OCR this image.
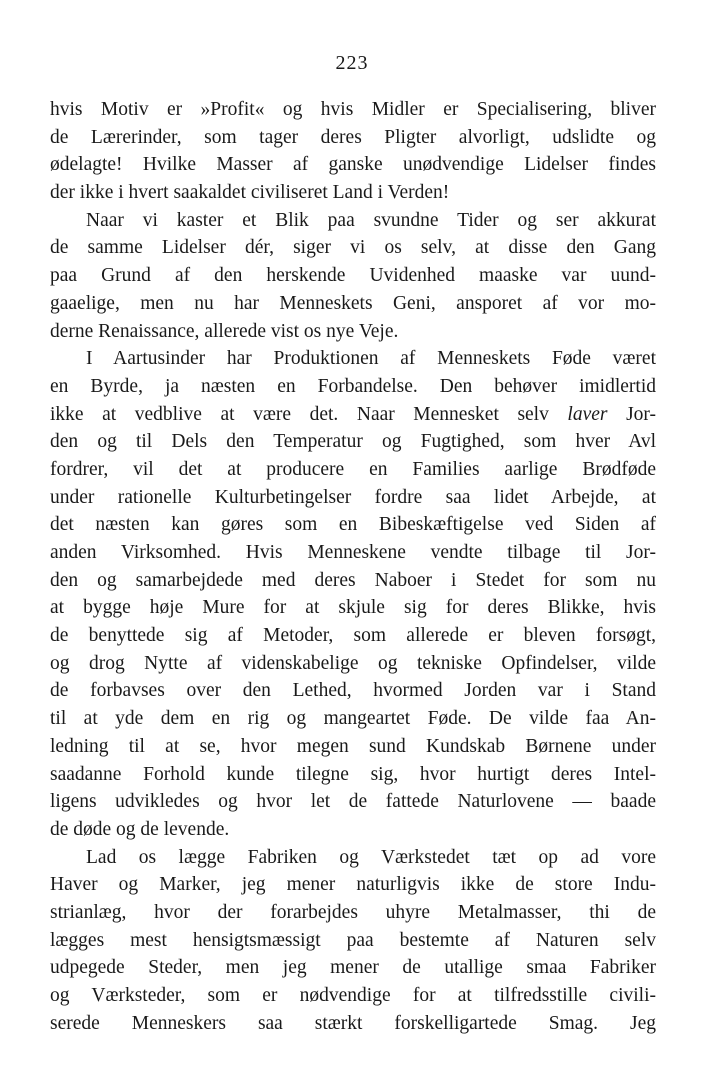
223
hvis Motiv er »Profit« og hvis Midler er Specialisering, bliver
de Lærerinder, som tager deres Pligter alvorligt, udslidte og
ødelagte! Hvilke Masser af ganske unødvendige Lidelser findes
der ikke i hvert saakaldet civiliseret Land i Verden!
Naar vi kaster et Blik paa svundne Tider og ser akkurat
de samme Lidelser dér, siger vi os selv, at disse den Gang
paa Grund af den herskende Uvidenhed maaske var uund-
gaaelige, men nu har Menneskets Geni, ansporet af vor mo-
derne Renaissance, allerede vist os nye Veje.
I Aartusinder har Produktionen af Menneskets Føde været
en Byrde, ja næsten en Forbandelse. Den behøver imidlertid
ikke at vedblive at være det. Naar Mennesket selv laver Jor-
den og til Dels den Temperatur og Fugtighed, som hver Avl
fordrer, vil det at producere en Families aarlige Brødføde
under rationelle Kulturbetingelser fordre saa lidet Arbejde, at
det næsten kan gøres som en Bibeskæftigelse ved Siden af
anden Virksomhed. Hvis Menneskene vendte tilbage til Jor-
den og samarbejdede med deres Naboer i Stedet for som nu
at bygge høje Mure for at skjule sig for deres Blikke, hvis
de benyttede sig af Metoder, som allerede er bleven forsøgt,
og drog Nytte af videnskabelige og tekniske Opfindelser, vilde
de forbavses over den Lethed, hvormed Jorden var i Stand
til at yde dem en rig og mangeartet Føde. De vilde faa An-
ledning til at se, hvor megen sund Kundskab Børnene under
saadanne Forhold kunde tilegne sig, hvor hurtigt deres Intel-
ligens udvikledes og hvor let de fattede Naturlovene — baade
de døde og de levende.
Lad os lægge Fabriken og Værkstedet tæt op ad vore
Haver og Marker, jeg mener naturligvis ikke de store Indu-
strianlæg, hvor der forarbejdes uhyre Metalmasser, thi de
lægges mest hensigtsmæssigt paa bestemte af Naturen selv
udpegede Steder, men jeg mener de utallige smaa Fabriker
og Værksteder, som er nødvendige for at tilfredsstille civili-
serede Menneskers saa stærkt forskelligartede Smag. Jeg
